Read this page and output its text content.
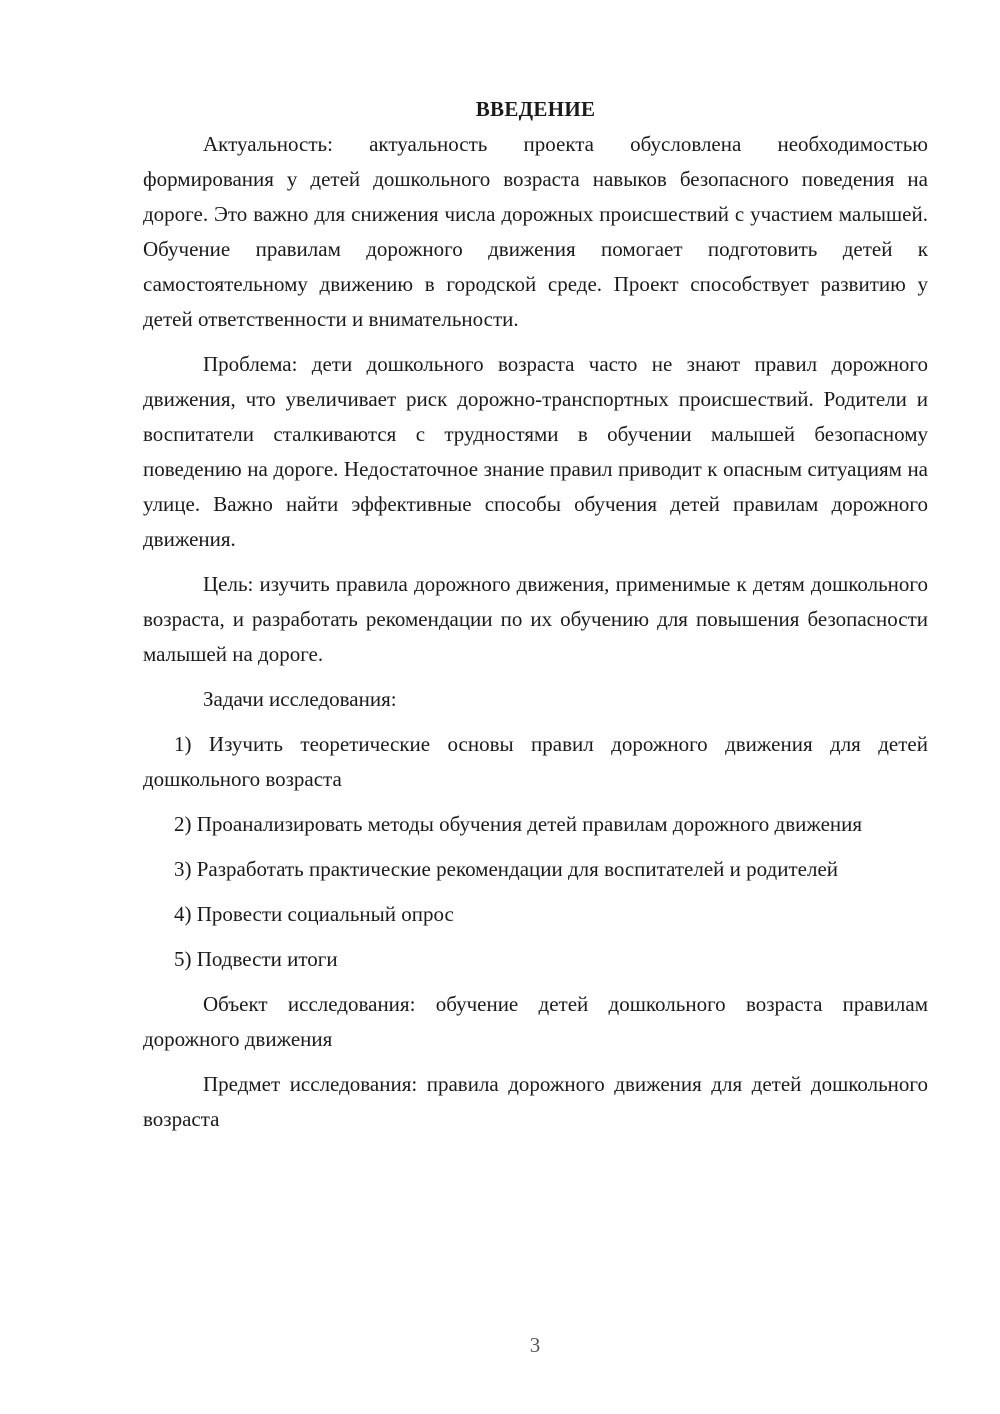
ВВЕДЕНИЕ

Актуальность: актуальность проекта обусловлена необходимостью формирования у детей дошкольного возраста навыков безопасного поведения на дороге. Это важно для снижения числа дорожных происшествий с участием малышей. Обучение правилам дорожного движения помогает подготовить детей к самостоятельному движению в городской среде. Проект способствует развитию у детей ответственности и внимательности.

Проблема: дети дошкольного возраста часто не знают правил дорожного движения, что увеличивает риск дорожно-транспортных происшествий. Родители и воспитатели сталкиваются с трудностями в обучении малышей безопасному поведению на дороге. Недостаточное знание правил приводит к опасным ситуациям на улице. Важно найти эффективные способы обучения детей правилам дорожного движения.

Цель: изучить правила дорожного движения, применимые к детям дошкольного возраста, и разработать рекомендации по их обучению для повышения безопасности малышей на дороге.

Задачи исследования:

1) Изучить теоретические основы правил дорожного движения для детей дошкольного возраста

2) Проанализировать методы обучения детей правилам дорожного движения

3) Разработать практические рекомендации для воспитателей и родителей

4) Провести социальный опрос

5) Подвести итоги

Объект исследования: обучение детей дошкольного возраста правилам дорожного движения

Предмет исследования: правила дорожного движения для детей дошкольного возраста

3
